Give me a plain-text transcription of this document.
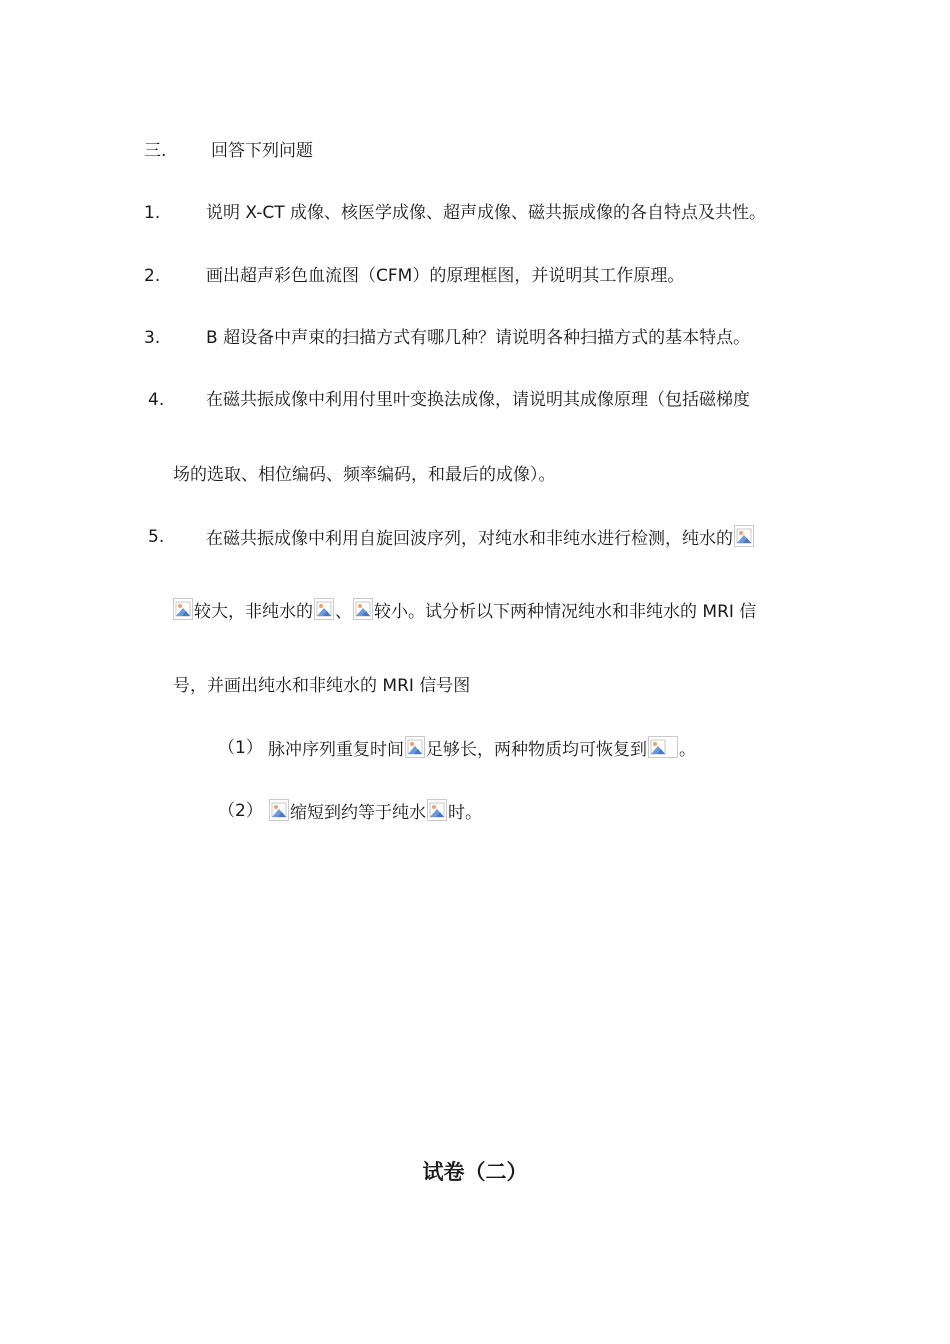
三.	回答下列问题
1.	说明 X-CT 成像、核医学成像、超声成像、磁共振成像的各自特点及共性。
2.	画出超声彩色血流图（CFM）的原理框图，并说明其工作原理。
3.	B 超设备中声束的扫描方式有哪几种？请说明各种扫描方式的基本特点。
4. 在磁共振成像中利用付里叶变换法成像，请说明其成像原理（包括磁梯度
场的选取、相位编码、频率编码，和最后的成像）。
5. 在磁共振成像中利用自旋回波序列，对纯水和非纯水进行检测，纯水的
较大，非纯水的 、 较小。试分析以下两种情况纯水和非纯水的 MRI 信
号，并画出纯水和非纯水的 MRI 信号图
（1） 脉冲序列重复时间 足够长，两种物质均可恢复到 。
（2）	缩短到约等于纯水 时。
试卷（二）
